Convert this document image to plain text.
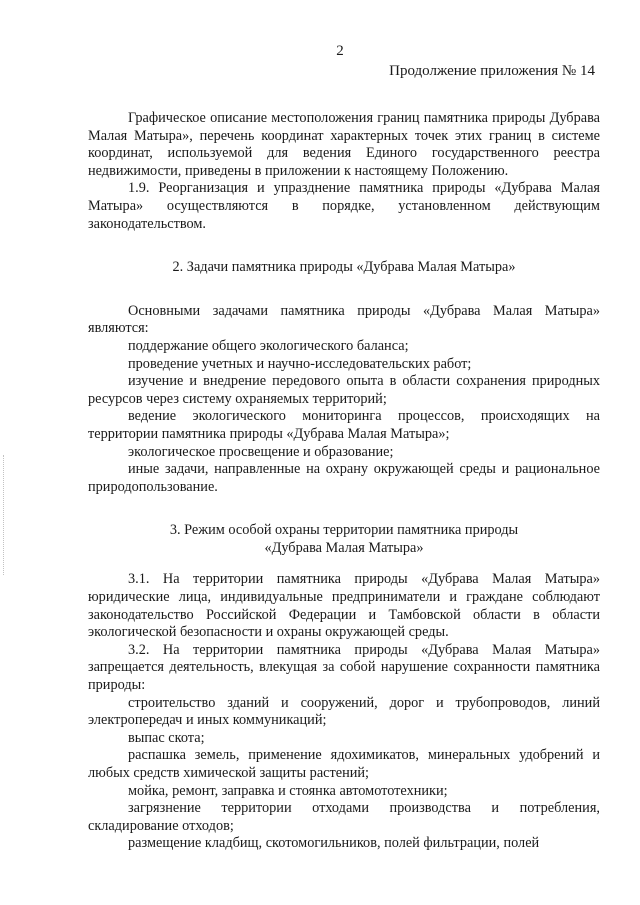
2
Продолжение приложения № 14

Графическое описание местоположения границ памятника природы Дубрава Малая Матыра», перечень координат характерных точек этих границ в системе координат, используемой для ведения Единого государственного реестра недвижимости, приведены в приложении к настоящему Положению.

1.9. Реорганизация и упразднение памятника природы «Дубрава Малая Матыра» осуществляются в порядке, установленном действующим законодательством.

2. Задачи памятника природы «Дубрава Малая Матыра»

Основными задачами памятника природы «Дубрава Малая Матыра» являются:

поддержание общего экологического баланса;

проведение учетных и научно-исследовательских работ;

изучение и внедрение передового опыта в области сохранения природных ресурсов через систему охраняемых территорий;

ведение экологического мониторинга процессов, происходящих на территории памятника природы «Дубрава Малая Матыра»;

экологическое просвещение и образование;

иные задачи, направленные на охрану окружающей среды и рациональное природопользование.

3. Режим особой охраны территории памятника природы

«Дубрава Малая Матыра»

3.1. На территории памятника природы «Дубрава Малая Матыра» юридические лица, индивидуальные предприниматели и граждане соблюдают законодательство Российской Федерации и Тамбовской области в области экологической безопасности и охраны окружающей среды.

3.2. На территории памятника природы «Дубрава Малая Матыра» запрещается деятельность, влекущая за собой нарушение сохранности памятника природы:

строительство зданий и сооружений, дорог и трубопроводов, линий электропередач и иных коммуникаций;

выпас скота;

распашка земель, применение ядохимикатов, минеральных удобрений и любых средств химической защиты растений;

мойка, ремонт, заправка и стоянка автомототехники;

загрязнение территории отходами производства и потребления, складирование отходов;

размещение кладбищ, скотомогильников, полей фильтрации, полей
